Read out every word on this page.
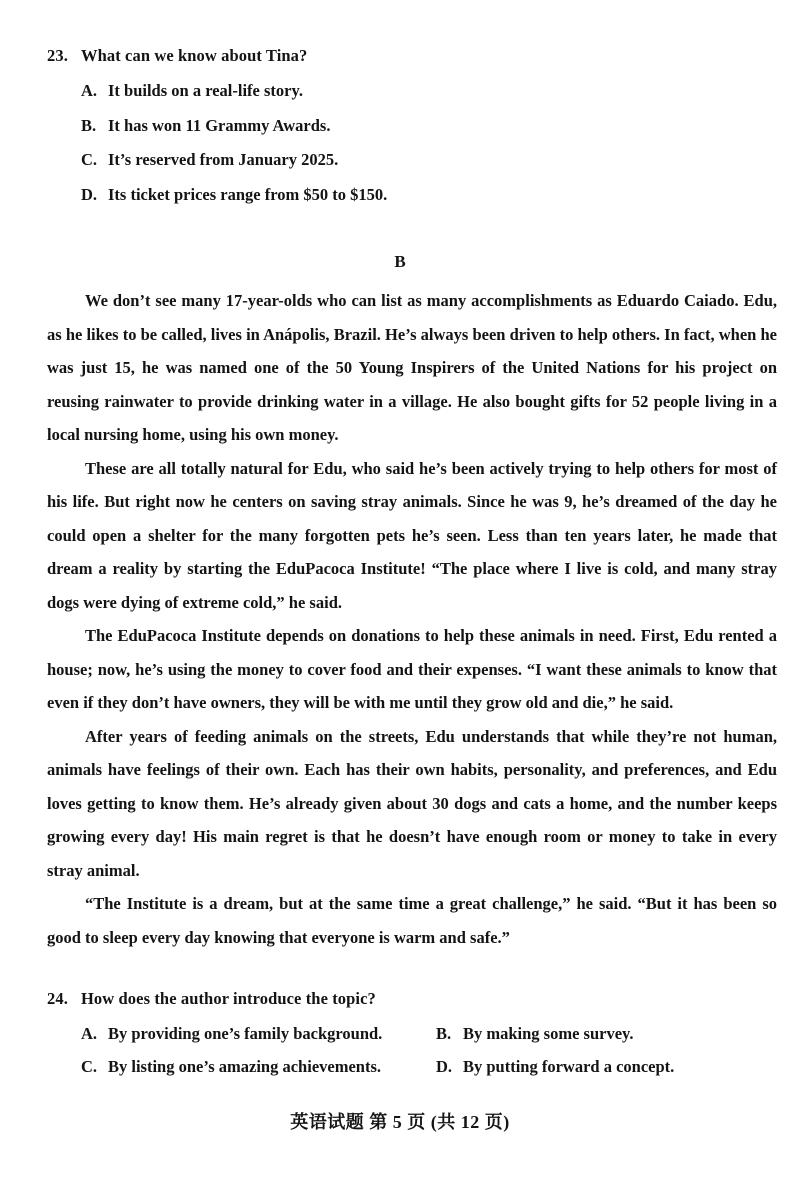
23. What can we know about Tina?
A. It builds on a real-life story.
B. It has won 11 Grammy Awards.
C. It’s reserved from January 2025.
D. Its ticket prices range from $50 to $150.
B

We don’t see many 17-year-olds who can list as many accomplishments as Eduardo Caiado. Edu, as he likes to be called, lives in Anápolis, Brazil. He’s always been driven to help others. In fact, when he was just 15, he was named one of the 50 Young Inspirers of the United Nations for his project on reusing rainwater to provide drinking water in a village. He also bought gifts for 52 people living in a local nursing home, using his own money.

These are all totally natural for Edu, who said he’s been actively trying to help others for most of his life. But right now he centers on saving stray animals. Since he was 9, he’s dreamed of the day he could open a shelter for the many forgotten pets he’s seen. Less than ten years later, he made that dream a reality by starting the EduPacoca Institute! “The place where I live is cold, and many stray dogs were dying of extreme cold,” he said.

The EduPacoca Institute depends on donations to help these animals in need. First, Edu rented a house; now, he’s using the money to cover food and their expenses. “I want these animals to know that even if they don’t have owners, they will be with me until they grow old and die,” he said.

After years of feeding animals on the streets, Edu understands that while they’re not human, animals have feelings of their own. Each has their own habits, personality, and preferences, and Edu loves getting to know them. He’s already given about 30 dogs and cats a home, and the number keeps growing every day! His main regret is that he doesn’t have enough room or money to take in every stray animal.

“The Institute is a dream, but at the same time a great challenge,” he said. “But it has been so good to sleep every day knowing that everyone is warm and safe.”

24. How does the author introduce the topic?
A. By providing one’s family background.	B. By making some survey.
C. By listing one’s amazing achievements.	D. By putting forward a concept.
英语试题 第 5 页 (共 12 页)
